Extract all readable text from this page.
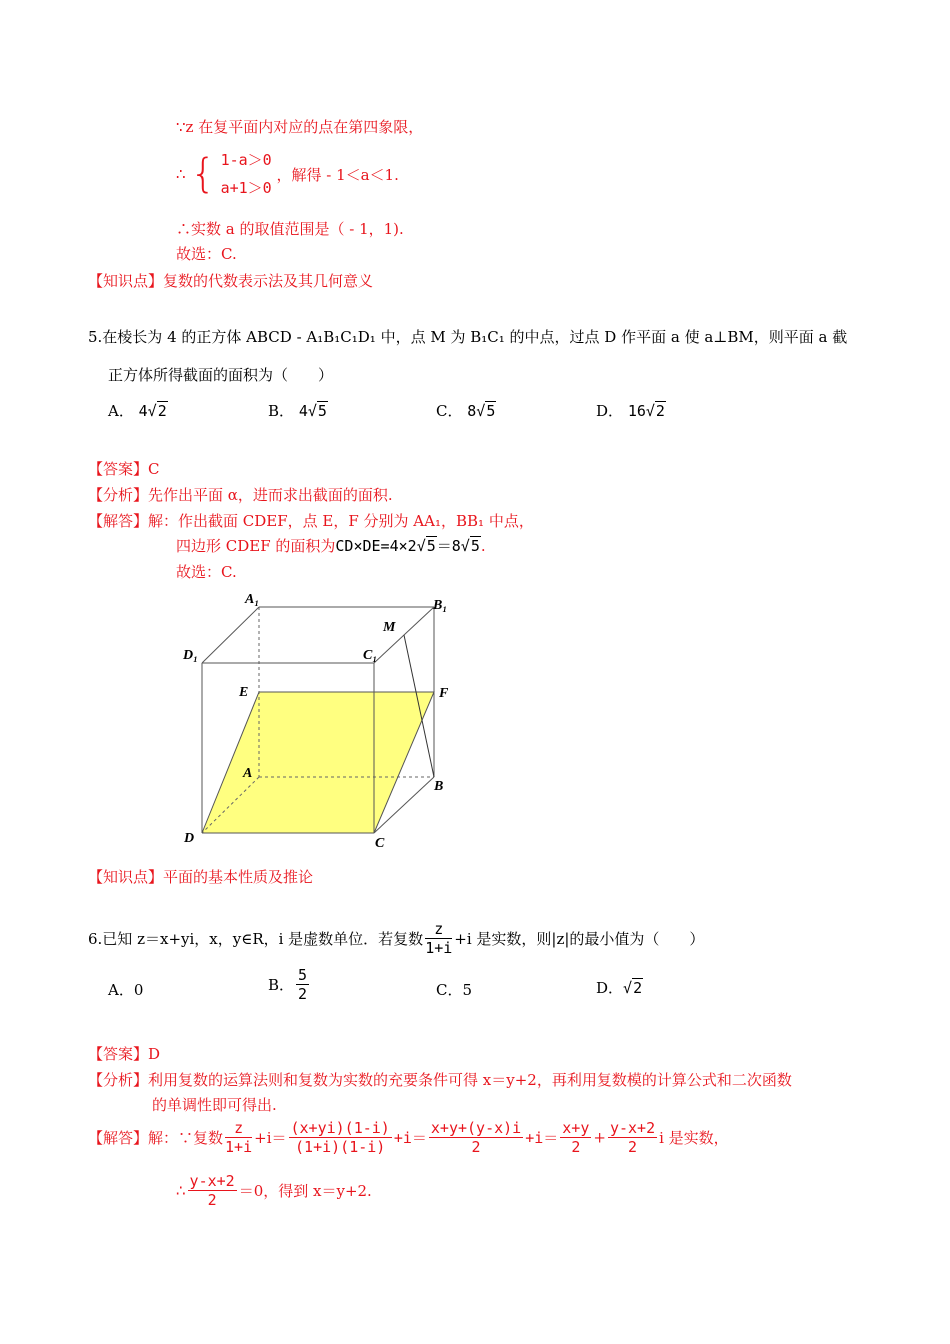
∵z 在复平面内对应的点在第四象限，
∴ { 1-a＞0
a+1＞0
，解得 - 1＜a＜1.
∴实数 a 的取值范围是（ - 1，1).
故选：C.
【知识点】复数的代数表示法及其几何意义
5.在棱长为 4 的正方体 ABCD - A₁B₁C₁D₁ 中，点 M 为 B₁C₁ 的中点，过点 D 作平面 a 使 a⊥BM，则平面 a 截
正方体所得截面的面积为（　　）
A． 4√2	B． 4√5	C． 8√5	D． 16√2
【答案】C
【分析】先作出平面 α，进而求出截面的面积.
【解答】解：作出截面 CDEF，点 E，F 分别为 AA₁，BB₁ 中点，
四边形 CDEF 的面积为CD×DE=4×2√5＝8√5.
故选：C.
A₁	B₁
M
D₁	C₁
E	F
A
B
D	C
【知识点】平面的基本性质及推论
6.已知 z＝x+yi，x，y∈R，i 是虚数单位．若复数 $\frac{z}{1+i} +i$ 是实数，则|z|的最小值为（　　）
A．0	B． $\frac{5}{2}$	C．5	D．√2
【答案】D
【分析】利用复数的运算法则和复数为实数的充要条件可得 x＝y+2，再利用复数模的计算公式和二次函数
的单调性即可得出.
【解答】解：∵复数 $\frac{z}{1+i} +i= \frac{(x+yi)(1-i)}{(1+i)(1-i)} +i= \frac{x+y+(y-x)i}{2} +i= \frac{x+y}{2} + \frac{y-x+2}{2}$ i 是实数，
∴ $\frac{y-x+2}{2} =0$，得到 x＝y+2.
